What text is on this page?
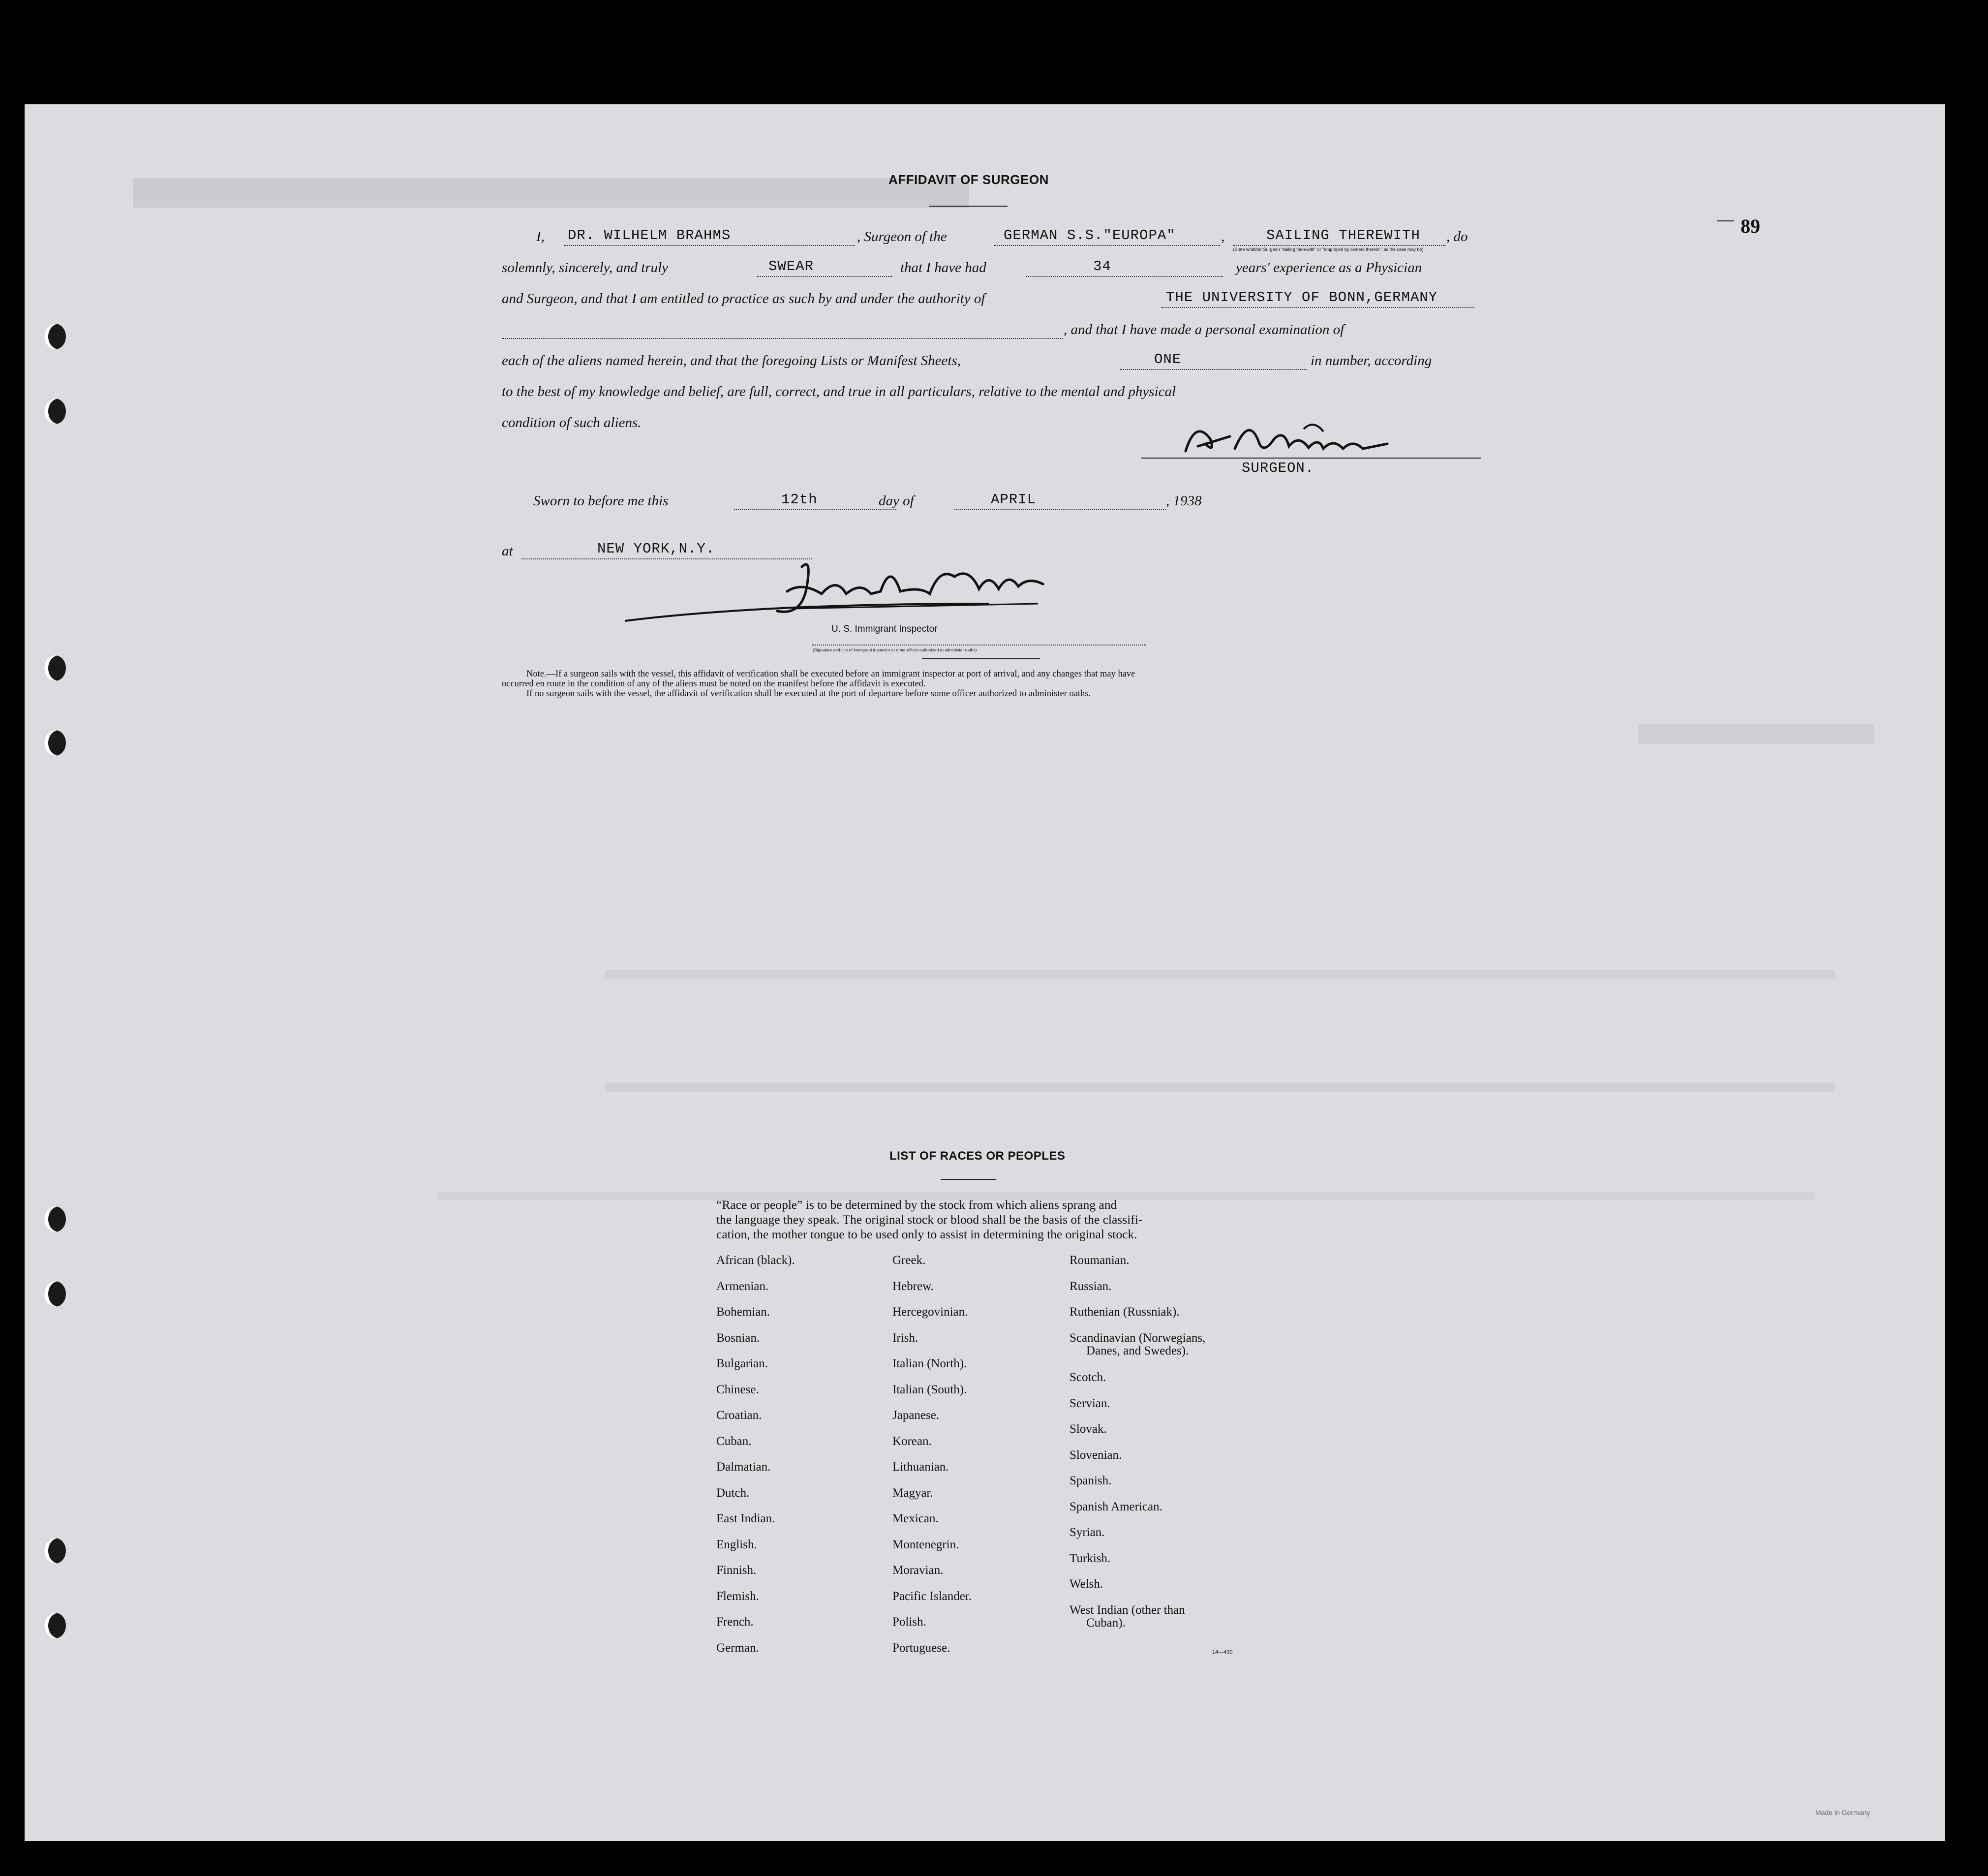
89
AFFIDAVIT OF SURGEON
I, DR. WILHELM BRAHMS	, Surgeon of the	GERMAN S.S."EUROPA"	,	SAILING THEREWITH , do
(State whether Surgeon "sailing therewith" or "employed by owners thereof," as the case may be)
solemnly, sincerely, and truly	SWEAR	that I have had	34	years' experience as a Physician
and Surgeon, and that I am entitled to practice as such by and under the authority of	THE UNIVERSITY OF BONN,GERMANY
, and that I have made a personal examination of
each of the aliens named herein, and that the foregoing Lists or Manifest Sheets,	ONE	in number, according
to the best of my knowledge and belief, are full, correct, and true in all particulars, relative to the mental and physical
condition of such aliens.
SURGEON.
Sworn to before me this	12th	day of	APRIL	, 1938
at	NEW YORK,N.Y.
U. S. Immigrant Inspector
(Signature and title of immigrant inspector or other officer authorized to administer oaths)
Note.—If a surgeon sails with the vessel, this affidavit of verification shall be executed before an immigrant inspector at port of arrival, and any changes that may have
occurred en route in the condition of any of the aliens must be noted on the manifest before the affidavit is executed.
If no surgeon sails with the vessel, the affidavit of verification shall be executed at the port of departure before some officer authorized to administer oaths.
LIST OF RACES OR PEOPLES
“Race or people” is to be determined by the stock from which aliens sprang and
the language they speak. The original stock or blood shall be the basis of the classifi-
cation, the mother tongue to be used only to assist in determining the original stock.
African (black).
Armenian.
Bohemian.
Bosnian.
Bulgarian.
Chinese.
Croatian.
Cuban.
Dalmatian.
Dutch.
East Indian.
English.
Finnish.
Flemish.
French.
German.
Greek.
Hebrew.
Hercegovinian.
Irish.
Italian (North).
Italian (South).
Japanese.
Korean.
Lithuanian.
Magyar.
Mexican.
Montenegrin.
Moravian.
Pacific Islander.
Polish.
Portuguese.
Roumanian.
Russian.
Ruthenian (Russniak).
Scandinavian (Norwegians,
Danes, and Swedes).
Scotch.
Servian.
Slovak.
Slovenian.
Spanish.
Spanish American.
Syrian.
Turkish.
Welsh.
West Indian (other than
Cuban).
14—430
Made in Germany
